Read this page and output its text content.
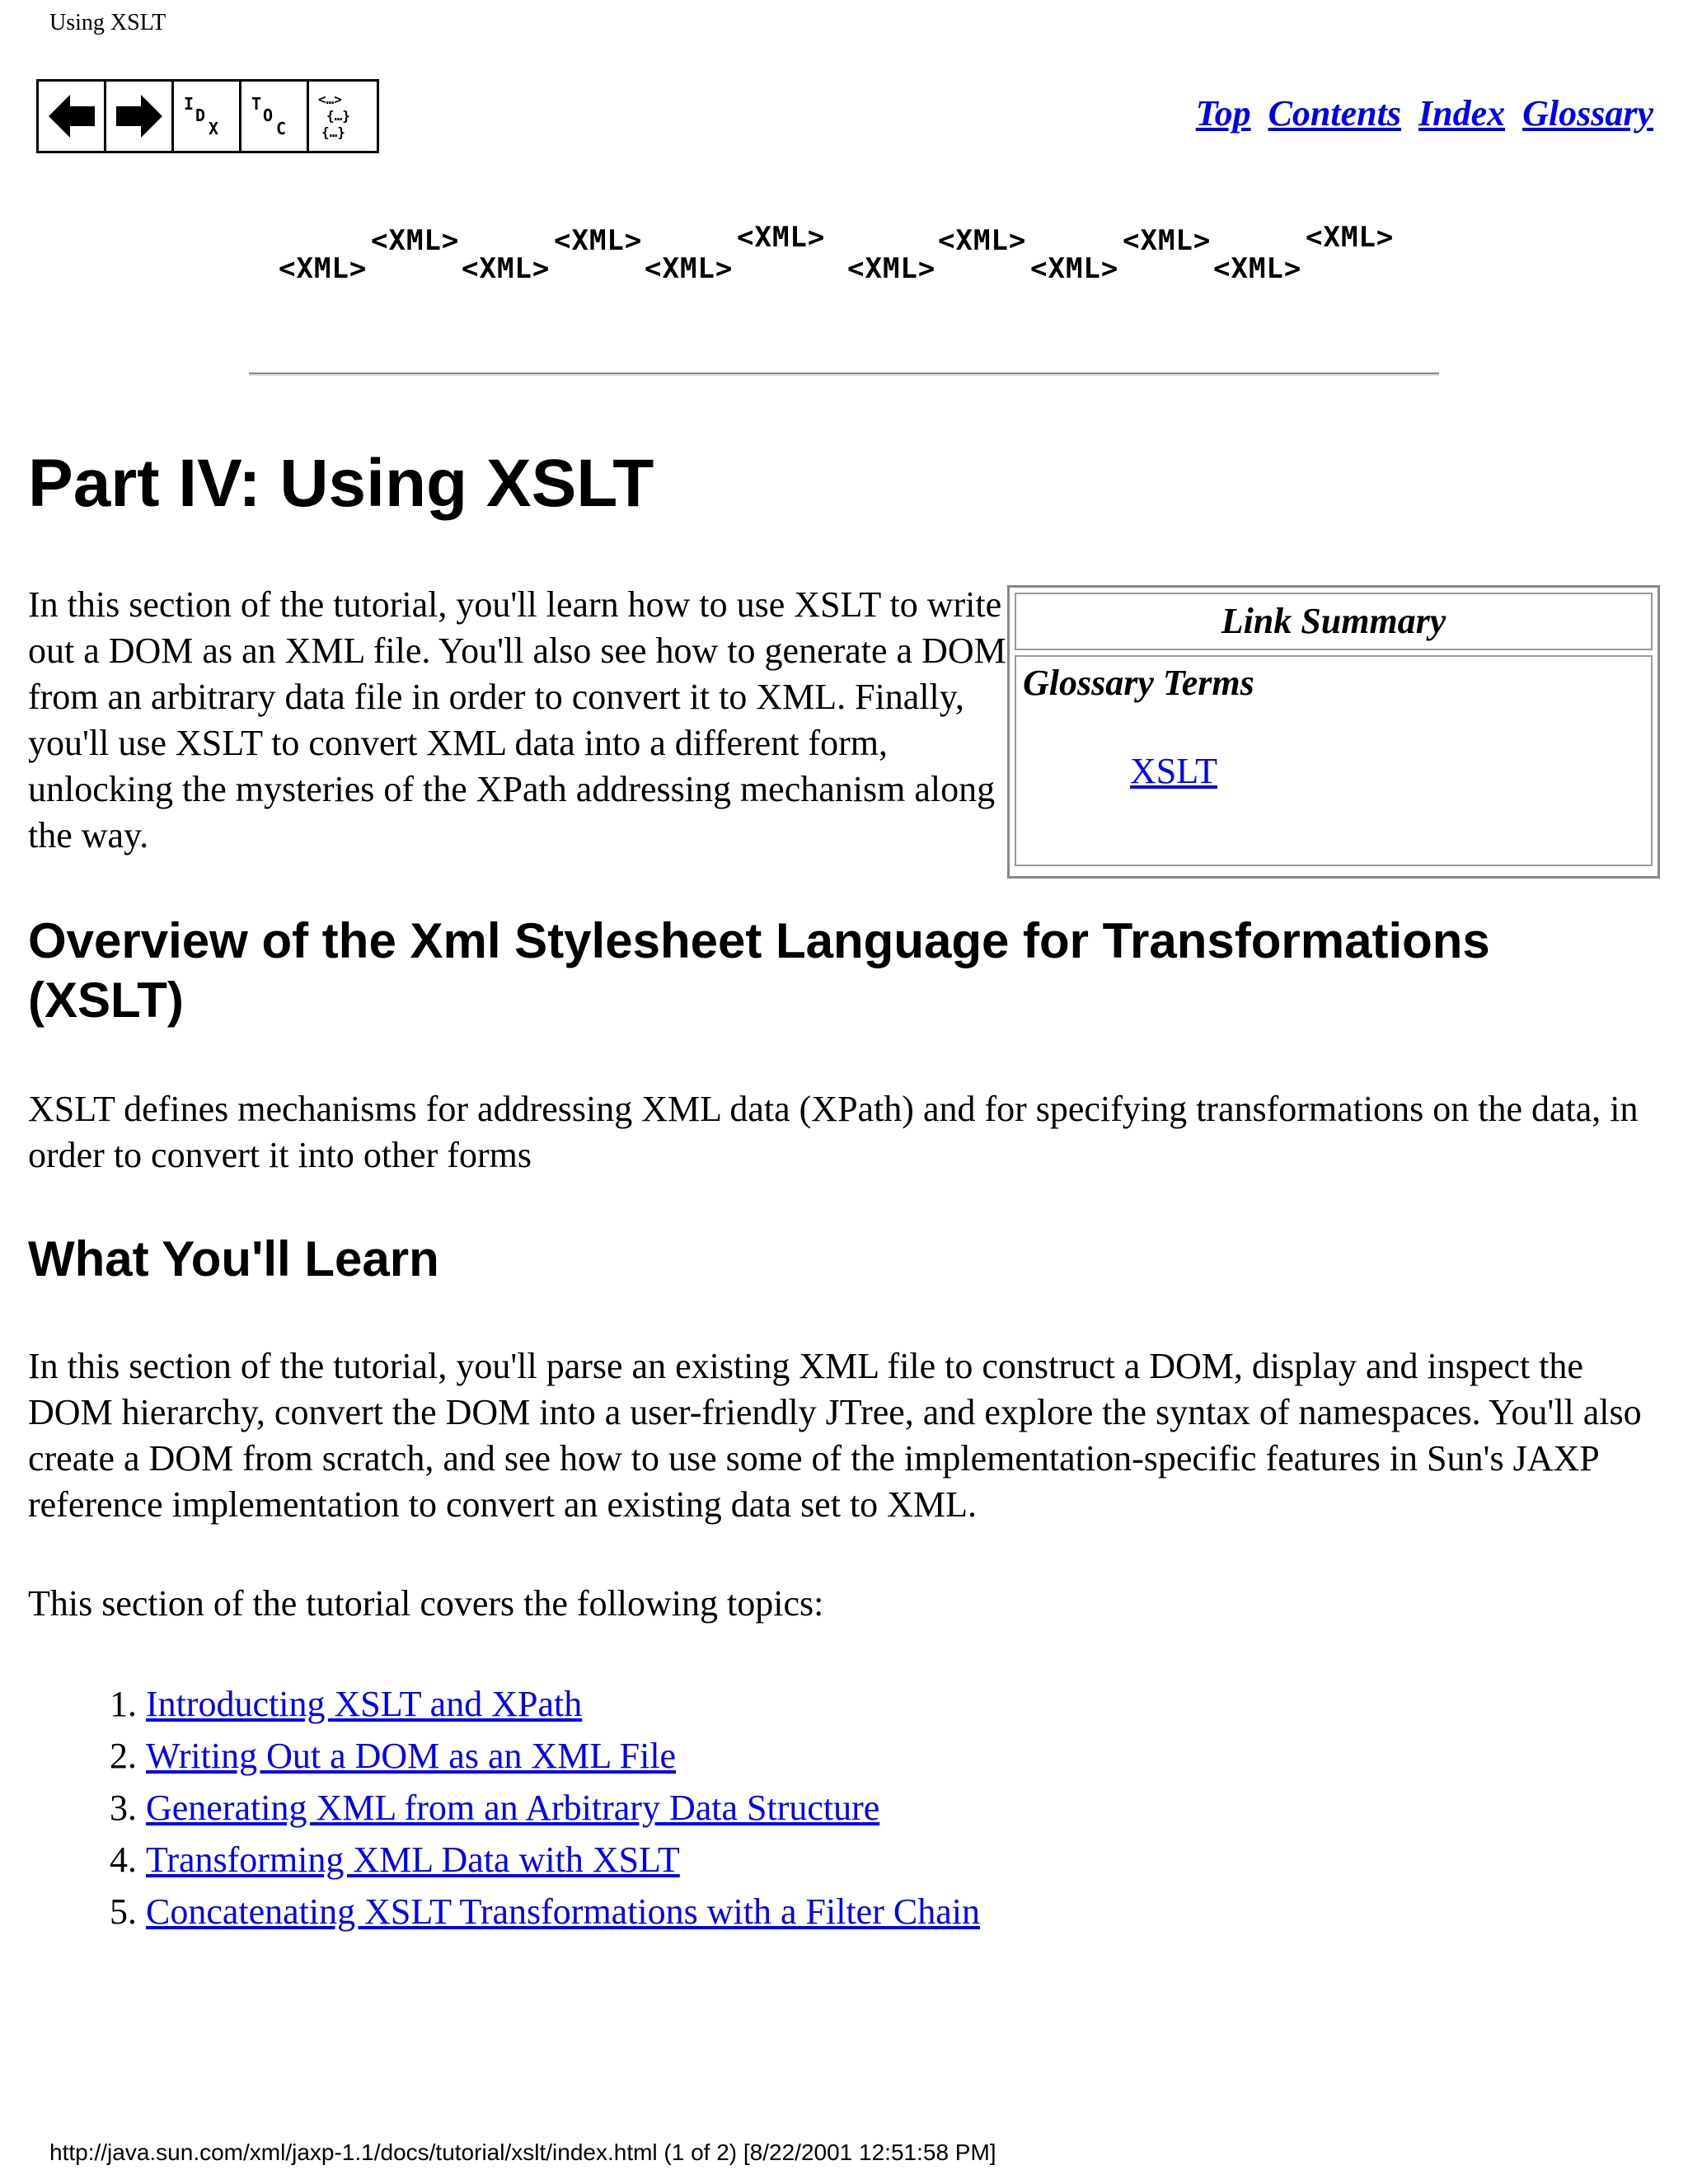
Using XSLT
I
D
X
T
O
C
<…>
{…}
{…}	Top Contents Index Glossary
<XML>
<XML>
<XML>
<XML>
<XML>
<XML>
<XML>
<XML>
<XML>
<XML>
<XML>
<XML>
Part IV: Using XSLT

In this section of the tutorial, you'll learn how to use XSLT to write out a DOM as an XML file. You'll also see how to generate a DOM from an arbitrary data file in order to convert it to XML. Finally, you'll use XSLT to convert XML data into a different form, unlocking the mysteries of the XPath addressing mechanism along the way.

Link Summary
Glossary Terms
XSLT
Overview of the Xml Stylesheet Language for Transformations (XSLT)

XSLT defines mechanisms for addressing XML data (XPath) and for specifying transformations on the data, in order to convert it into other forms

What You'll Learn

In this section of the tutorial, you'll parse an existing XML file to construct a DOM, display and inspect the DOM hierarchy, convert the DOM into a user-friendly JTree, and explore the syntax of namespaces. You'll also create a DOM from scratch, and see how to use some of the implementation-specific features in Sun's JAXP reference implementation to convert an existing data set to XML.

This section of the tutorial covers the following topics:

1.
Introducting XSLT and XPath
2.
Writing Out a DOM as an XML File
3.
Generating XML from an Arbitrary Data Structure
4.
Transforming XML Data with XSLT
5.
Concatenating XSLT Transformations with a Filter Chain
http://java.sun.com/xml/jaxp-1.1/docs/tutorial/xslt/index.html (1 of 2) [8/22/2001 12:51:58 PM]
